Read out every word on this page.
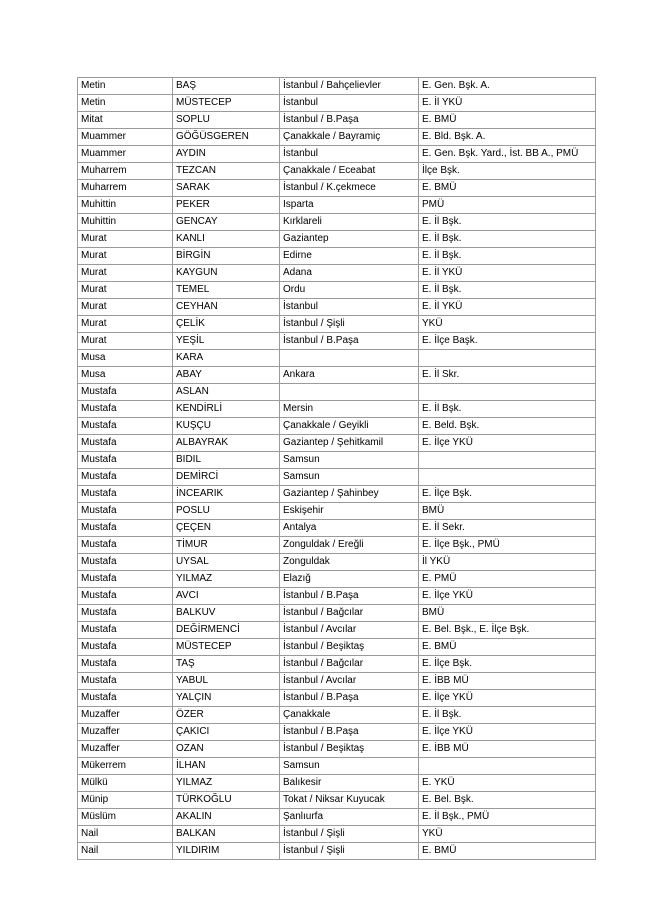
Metin	BAŞ	İstanbul / Bahçelievler	E. Gen. Bşk. A.
Metin	MÜSTECEP	İstanbul	E. İl YKÜ
Mitat	SOPLU	İstanbul / B.Paşa	E. BMÜ
Muammer	GÖĞÜSGEREN	Çanakkale / Bayramiç	E. Bld. Bşk. A.
Muammer	AYDIN	İstanbul	E. Gen. Bşk. Yard., İst. BB A., PMÜ
Muharrem	TEZCAN	Çanakkale / Eceabat	İlçe Bşk.
Muharrem	SARAK	İstanbul / K.çekmece	E. BMÜ
Muhittin	PEKER	Isparta	PMÜ
Muhittin	GENCAY	Kırklareli	E. İl Bşk.
Murat	KANLI	Gaziantep	E. İl Bşk.
Murat	BİRGİN	Edirne	E. İl Bşk.
Murat	KAYGUN	Adana	E. İl YKÜ
Murat	TEMEL	Ordu	E. İl Bşk.
Murat	CEYHAN	İstanbul	E. İl YKÜ
Murat	ÇELİK	İstanbul / Şişli	YKÜ
Murat	YEŞİL	İstanbul / B.Paşa	E. İlçe Başk.
Musa	KARA		
Musa	ABAY	Ankara	E. İl Skr.
Mustafa	ASLAN		
Mustafa	KENDİRLİ	Mersin	E. İl Bşk.
Mustafa	KUŞÇU	Çanakkale / Geyikli	E. Beld. Bşk.
Mustafa	ALBAYRAK	Gaziantep / Şehitkamil	E. İlçe YKÜ
Mustafa	BIDIL	Samsun	
Mustafa	DEMİRCİ	Samsun	
Mustafa	İNCEARIK	Gaziantep / Şahinbey	E. İlçe Bşk.
Mustafa	POSLU	Eskişehir	BMÜ
Mustafa	ÇEÇEN	Antalya	E. İl Sekr.
Mustafa	TİMUR	Zonguldak / Ereğli	E. İlçe Bşk., PMÜ
Mustafa	UYSAL	Zonguldak	İl YKÜ
Mustafa	YILMAZ	Elazığ	E. PMÜ
Mustafa	AVCI	İstanbul / B.Paşa	E. İlçe YKÜ
Mustafa	BALKUV	İstanbul / Bağcılar	BMÜ
Mustafa	DEĞİRMENCİ	İstanbul / Avcılar	E. Bel. Bşk., E. İlçe Bşk.
Mustafa	MÜSTECEP	İstanbul / Beşiktaş	E. BMÜ
Mustafa	TAŞ	İstanbul / Bağcılar	E. İlçe Bşk.
Mustafa	YABUL	İstanbul / Avcılar	E. İBB MÜ
Mustafa	YALÇIN	İstanbul / B.Paşa	E. İlçe YKÜ
Muzaffer	ÖZER	Çanakkale	E. İl Bşk.
Muzaffer	ÇAKICI	İstanbul / B.Paşa	E. İlçe YKÜ
Muzaffer	OZAN	İstanbul / Beşiktaş	E. İBB MÜ
Mükerrem	İLHAN	Samsun	
Mülkü	YILMAZ	Balıkesir	E. YKÜ
Münip	TÜRKOĞLU	Tokat / Niksar Kuyucak	E. Bel. Bşk.
Müslüm	AKALIN	Şanlıurfa	E. İl Bşk., PMÜ
Nail	BALKAN	İstanbul / Şişli	YKÜ
Nail	YILDIRIM	İstanbul / Şişli	E. BMÜ
